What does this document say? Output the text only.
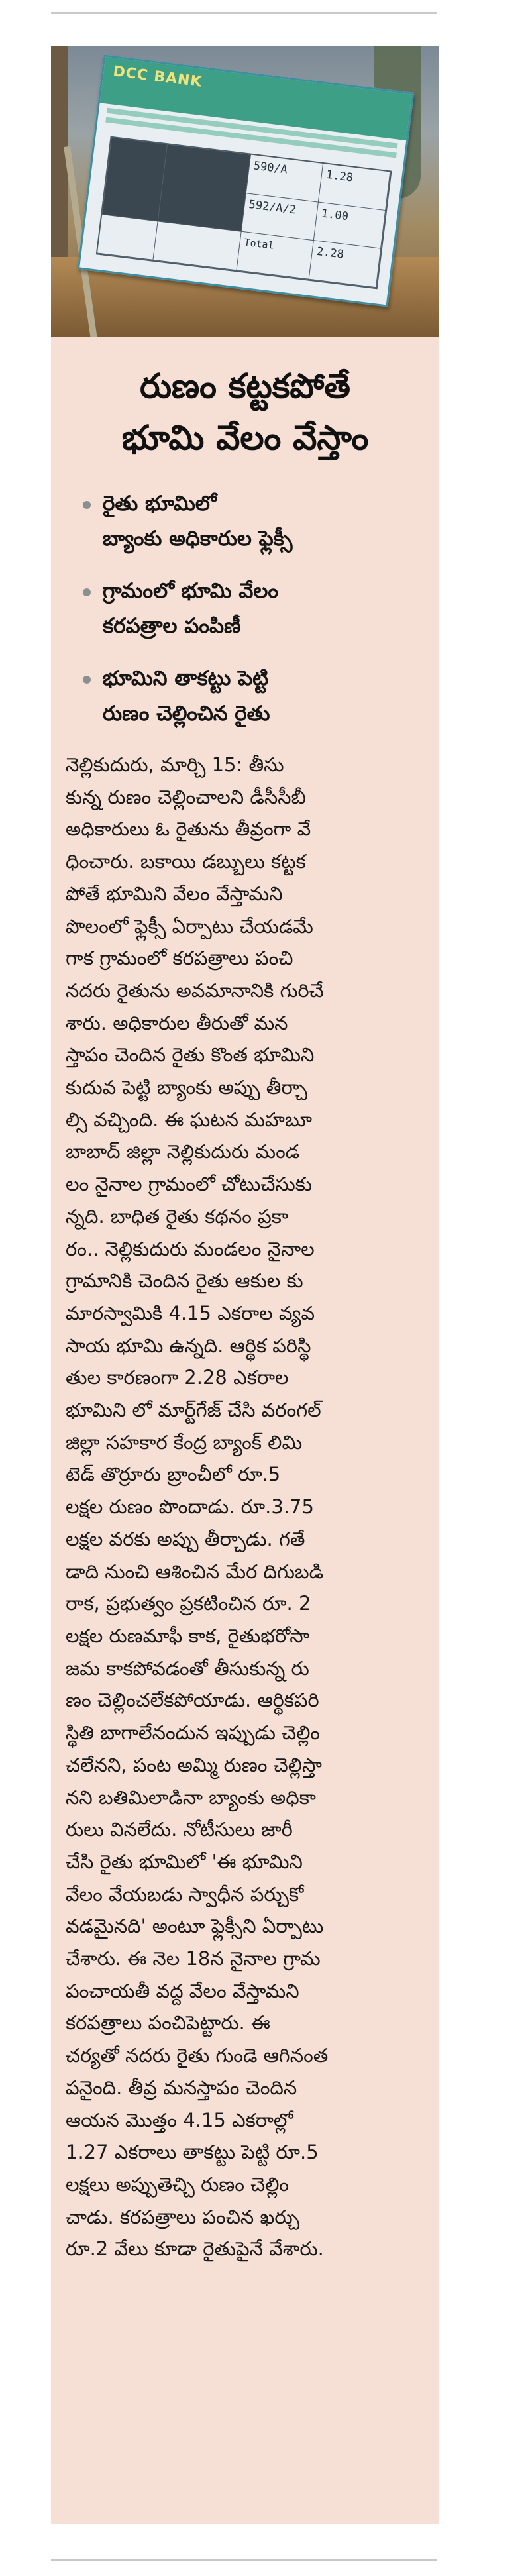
DCC BANK
590/A	1.28
592/A/2	1.00
Total
2.28
రుణం కట్టకపోతే
భూమి వేలం వేస్తాం
రైతు భూమిలో
బ్యాంకు అధికారుల ఫ్లెక్సీ
గ్రామంలో భూమి వేలం
కరపత్రాల పంపిణీ
భూమిని తాకట్టు పెట్టి
రుణం చెల్లించిన రైతు
నెల్లికుదురు, మార్చి 15: తీసు
కున్న రుణం చెల్లించాలని డీసీసీబీ
అధికారులు ఓ రైతును తీవ్రంగా వే
ధించారు. బకాయి డబ్బులు కట్టక
పోతే భూమిని వేలం వేస్తామని
పొలంలో ఫ్లెక్సీ ఏర్పాటు చేయడమే
గాక గ్రామంలో కరపత్రాలు పంచి
నదరు రైతును అవమానానికి గురిచే
శారు. అధికారుల తీరుతో మన
స్తాపం చెందిన రైతు కొంత భూమిని
కుదువ పెట్టి బ్యాంకు అప్పు తీర్చా
ల్సి వచ్చింది. ఈ ఘటన మహబూ
బాబాద్ జిల్లా నెల్లికుదురు మండ
లం నైనాల గ్రామంలో చోటుచేసుకు
న్నది. బాధిత రైతు కథనం ప్రకా
రం.. నెల్లికుదురు మండలం నైనాల
గ్రామానికి చెందిన రైతు ఆకుల కు
మారస్వామికి 4.15 ఎకరాల వ్యవ
సాయ భూమి ఉన్నది. ఆర్థిక పరిస్థి
తుల కారణంగా 2.28 ఎకరాల
భూమిని లో మార్ట్‌గేజ్ చేసి వరంగల్
జిల్లా సహకార కేంద్ర బ్యాంక్ లిమి
టెడ్ తొర్రూరు బ్రాంచీలో రూ.5
లక్షల రుణం పొందాడు. రూ.3.75
లక్షల వరకు అప్పు తీర్చాడు. గతే
డాది నుంచి ఆశించిన మేర దిగుబడి
రాక, ప్రభుత్వం ప్రకటించిన రూ. 2
లక్షల రుణమాఫీ కాక, రైతుభరోసా
జమ కాకపోవడంతో తీసుకున్న రు
ణం చెల్లించలేకపోయాడు. ఆర్థికపరి
స్థితి బాగాలేనందున ఇప్పుడు చెల్లిం
చలేనని, పంట అమ్మి రుణం చెల్లిస్తా
నని బతిమిలాడినా బ్యాంకు అధికా
రులు వినలేదు. నోటీసులు జారీ
చేసి రైతు భూమిలో 'ఈ భూమిని
వేలం వేయబడు స్వాధీన పర్చుకో
వడమైనది' అంటూ ఫ్లెక్సీని ఏర్పాటు
చేశారు. ఈ నెల 18న నైనాల గ్రామ
పంచాయతీ వద్ద వేలం వేస్తామని
కరపత్రాలు పంచిపెట్టారు. ఈ
చర్యతో నదరు రైతు గుండె ఆగినంత
పనైంది. తీవ్ర మనస్తాపం చెందిన
ఆయన మొత్తం 4.15 ఎకరాల్లో
1.27 ఎకరాలు తాకట్టు పెట్టి రూ.5
లక్షలు అప్పుతెచ్చి రుణం చెల్లిం
చాడు. కరపత్రాలు పంచిన ఖర్చు
రూ.2 వేలు కూడా రైతుపైనే వేశారు.
